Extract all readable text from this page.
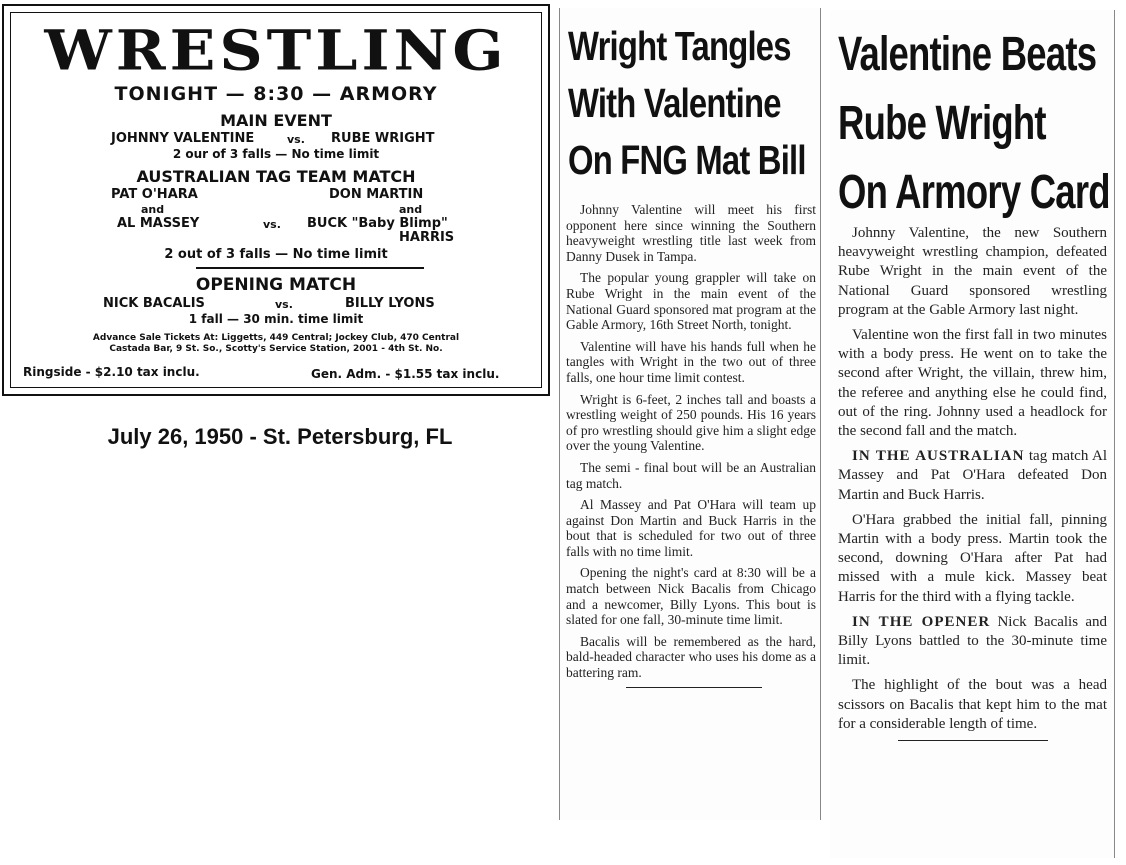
WRESTLING
TONIGHT — 8:30 — ARMORY
MAIN EVENT
JOHNNY VALENTINE	vs. RUBE WRIGHT
2 our of 3 falls — No time limit
AUSTRALIAN TAG TEAM MATCH
PAT O'HARA	DON MARTIN
and	and
AL MASSEY	vs. BUCK "Baby Blimp"
HARRIS
2 out of 3 falls — No time limit
OPENING MATCH
NICK BACALIS	vs.	BILLY LYONS
1 fall — 30 min. time limit
Advance Sale Tickets At: Liggetts, 449 Central; Jockey Club, 470 Central
Castada Bar, 9 St. So., Scotty's Service Station, 2001 - 4th St. No.
Ringside - $2.10 tax inclu.	Gen. Adm. - $1.55 tax inclu.
July 26, 1950 - St. Petersburg, FL
Wright Tangles
With Valentine
On FNG Mat Bill

Johnny Valentine will meet his first opponent here since winning the Southern heavyweight wrestling title last week from Danny Dusek in Tampa.

The popular young grappler will take on Rube Wright in the main event of the National Guard sponsored mat program at the Gable Armory, 16th Street North, tonight.

Valentine will have his hands full when he tangles with Wright in the two out of three falls, one hour time limit contest.

Wright is 6-feet, 2 inches tall and boasts a wrestling weight of 250 pounds. His 16 years of pro wrestling should give him a slight edge over the young Valentine.

The semi - final bout will be an Australian tag match.

Al Massey and Pat O'Hara will team up against Don Martin and Buck Harris in the bout that is scheduled for two out of three falls with no time limit.

Opening the night's card at 8:30 will be a match between Nick Bacalis from Chicago and a newcomer, Billy Lyons. This bout is slated for one fall, 30-minute time limit.

Bacalis will be remembered as the hard, bald-headed character who uses his dome as a battering ram.

Valentine Beats
Rube Wright
On Armory Card

Johnny Valentine, the new Southern heavyweight wrestling champion, defeated Rube Wright in the main event of the National Guard sponsored wrestling program at the Gable Armory last night.

Valentine won the first fall in two minutes with a body press. He went on to take the second after Wright, the villain, threw him, the referee and anything else he could find, out of the ring. Johnny used a headlock for the second fall and the match.

IN THE AUSTRALIAN tag match Al Massey and Pat O'Hara defeated Don Martin and Buck Harris.

O'Hara grabbed the initial fall, pinning Martin with a body press. Martin took the second, downing O'Hara after Pat had missed with a mule kick. Massey beat Harris for the third with a flying tackle.

IN THE OPENER Nick Bacalis and Billy Lyons battled to the 30-minute time limit.

The highlight of the bout was a head scissors on Bacalis that kept him to the mat for a considerable length of time.
